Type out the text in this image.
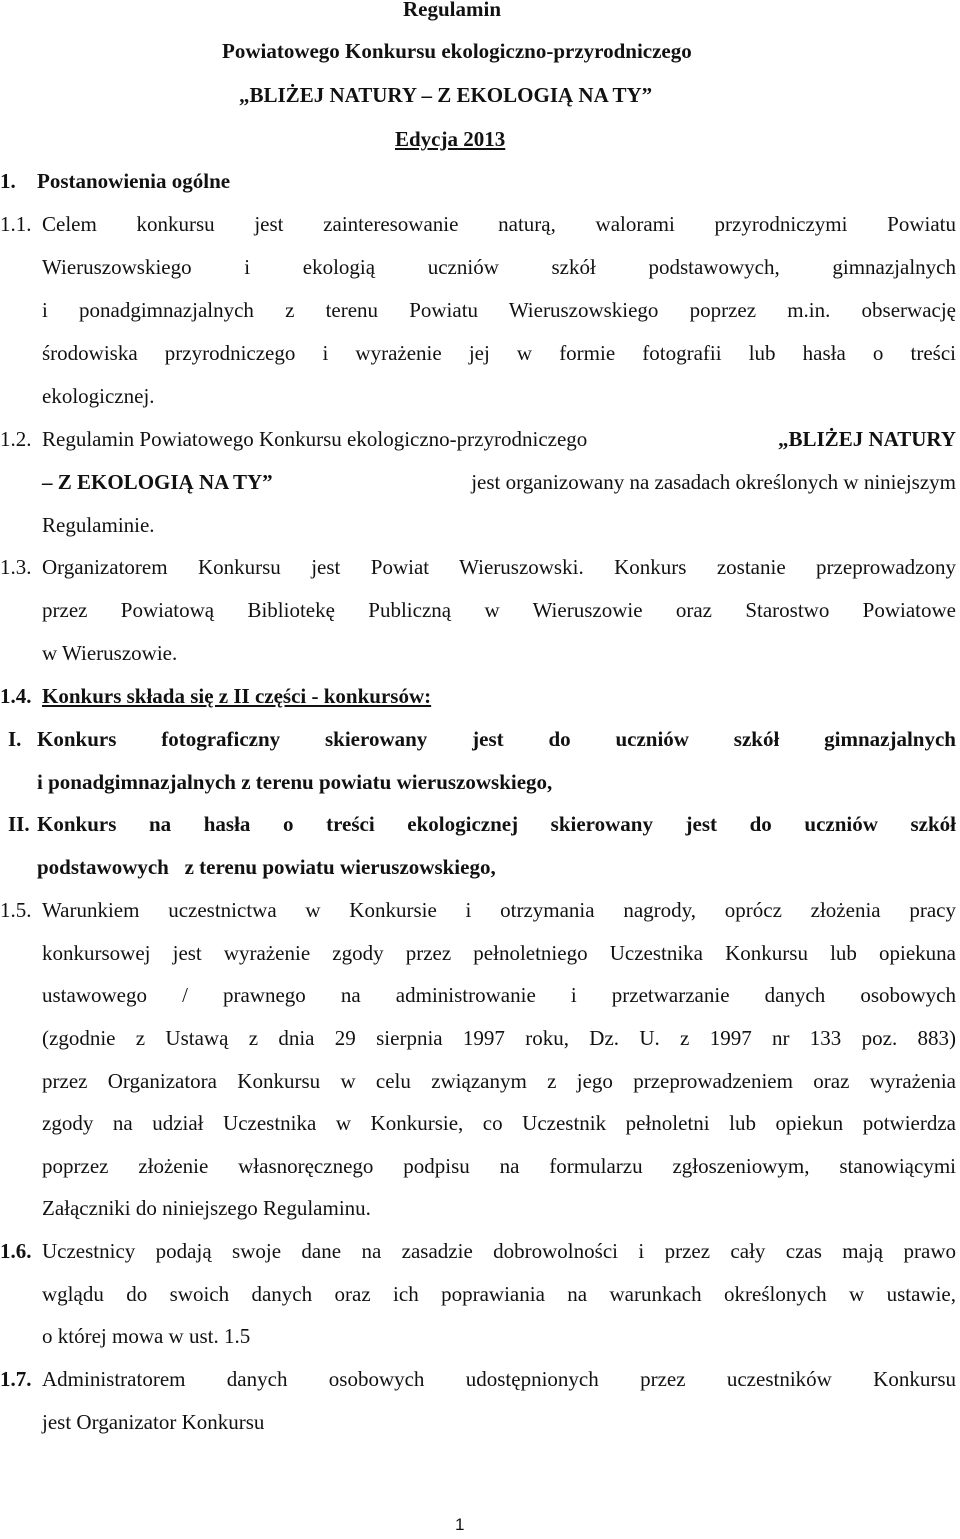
Regulamin
Powiatowego Konkursu ekologiczno-przyrodniczego
„BLIŻEJ NATURY – Z EKOLOGIĄ NA TY”
Edycja 2013
1. Postanowienia ogólne
1.1. Celem konkursu jest zainteresowanie naturą, walorami przyrodniczymi Powiatu
Wieruszowskiego i ekologią uczniów szkół podstawowych, gimnazjalnych
i ponadgimnazjalnych z terenu Powiatu Wieruszowskiego poprzez m.in. obserwację
środowiska przyrodniczego i wyrażenie jej w formie fotografii lub hasła o treści
ekologicznej.
1.2. Regulamin Powiatowego Konkursu ekologiczno-przyrodniczego	„BLIŻEJ NATURY
– Z EKOLOGIĄ NA TY”	jest organizowany na zasadach określonych w niniejszym
Regulaminie.
1.3. Organizatorem Konkursu jest Powiat Wieruszowski. Konkurs zostanie przeprowadzony
przez Powiatową Bibliotekę Publiczną w Wieruszowie oraz Starostwo Powiatowe
w Wieruszowie.
1.4. Konkurs składa się z II części - konkursów:
I. Konkurs fotograficzny skierowany jest do uczniów szkół gimnazjalnych
i ponadgimnazjalnych z terenu powiatu wieruszowskiego,
II. Konkurs na hasła o treści ekologicznej skierowany jest do uczniów szkół
podstawowych   z terenu powiatu wieruszowskiego,
1.5. Warunkiem uczestnictwa w Konkursie i otrzymania nagrody, oprócz złożenia pracy
konkursowej jest wyrażenie zgody przez pełnoletniego Uczestnika Konkursu lub opiekuna
ustawowego / prawnego na administrowanie i przetwarzanie danych osobowych
(zgodnie z Ustawą z dnia 29 sierpnia 1997 roku, Dz. U. z 1997 nr 133 poz. 883)
przez Organizatora Konkursu w celu związanym z jego przeprowadzeniem oraz wyrażenia
zgody na udział Uczestnika w Konkursie, co Uczestnik pełnoletni lub opiekun potwierdza
poprzez złożenie własnoręcznego podpisu na formularzu zgłoszeniowym, stanowiącymi
Załączniki do niniejszego Regulaminu.
1.6. Uczestnicy podają swoje dane na zasadzie dobrowolności i przez cały czas mają prawo
wglądu do swoich danych oraz ich poprawiania na warunkach określonych w ustawie,
o której mowa w ust. 1.5
1.7. Administratorem danych osobowych udostępnionych przez uczestników Konkursu
jest Organizator Konkursu
1
